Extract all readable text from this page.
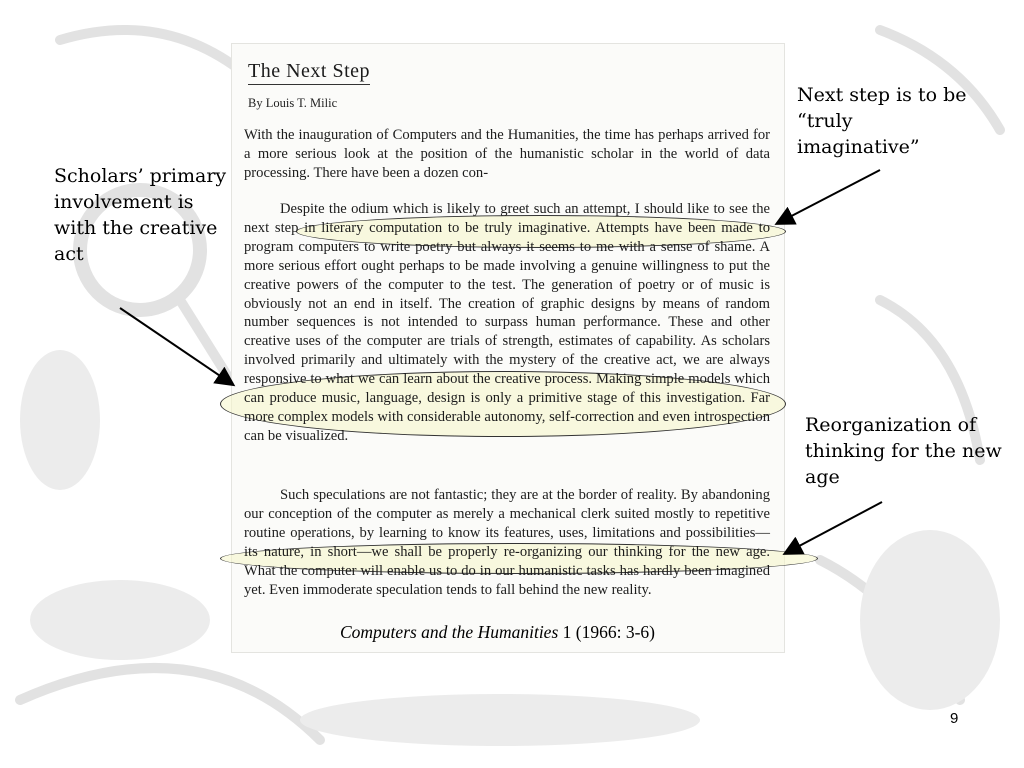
The Next Step
By Louis T. Milic

With the inauguration of Computers and the Humanities, the time has perhaps arrived for a more serious look at the position of the humanistic scholar in the world of data processing. There have been a dozen con-

Despite the odium which is likely to greet such an attempt, I should like to see the next step in literary computation to be truly imaginative. Attempts have been made to program computers to write poetry but always it seems to me with a sense of shame. A more serious effort ought perhaps to be made involving a genuine willingness to put the creative powers of the computer to the test. The generation of poetry or of music is obviously not an end in itself. The creation of graphic designs by means of random number sequences is not intended to surpass human performance. These and other creative uses of the computer are trials of strength, estimates of capability. As scholars involved primarily and ultimately with the mystery of the creative act, we are always responsive to what we can learn about the creative process. Making simple models which can produce music, language, design is only a primitive stage of this investigation. Far more complex models with considerable autonomy, self-correction and even introspection can be visualized.

Such speculations are not fantastic; they are at the border of reality. By abandoning our conception of the computer as merely a mechanical clerk suited mostly to repetitive routine operations, by learning to know its features, uses, limitations and possibilities—its nature, in short—we shall be properly re-organizing our thinking for the new age. What the computer will enable us to do in our humanistic tasks has hardly been imagined yet. Even immoderate speculation tends to fall behind the new reality.

Scholars’ primary involvement is with the creative act
Next step is to be “truly imaginative”
Reorganization of thinking for the new age
Computers and the Humanities 1 (1966: 3-6)
9
